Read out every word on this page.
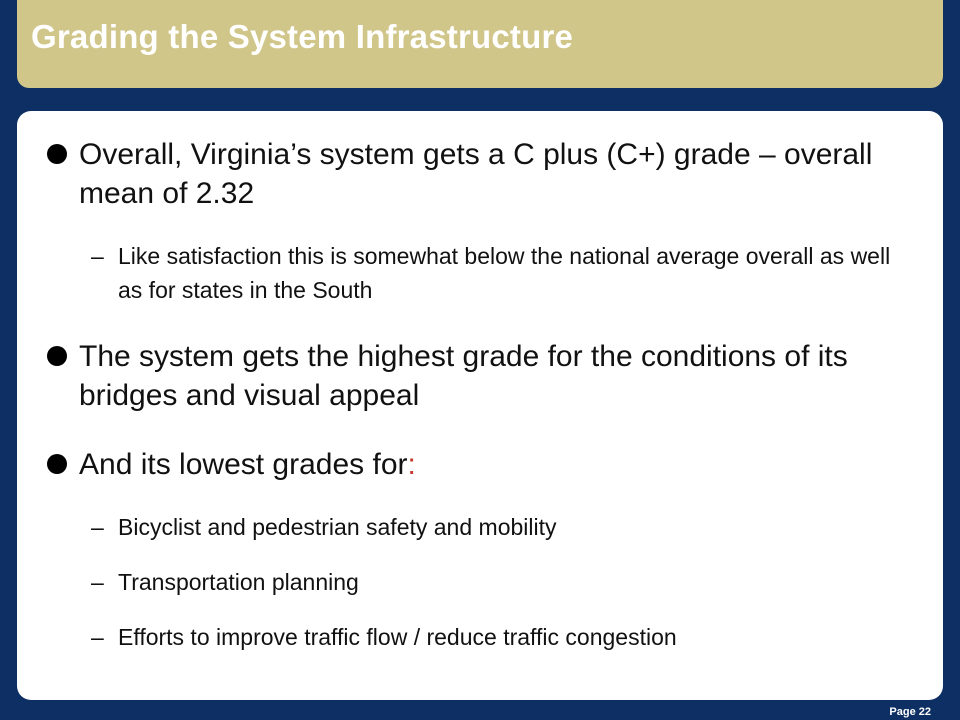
Grading the System Infrastructure
Overall, Virginia’s system gets a C plus (C+) grade – overall mean of 2.32
– Like satisfaction this is somewhat below the national average overall as well as for states in the South
The system gets the highest grade for the conditions of its bridges and visual appeal
And its lowest grades for:
– Bicyclist and pedestrian safety and mobility
– Transportation planning
– Efforts to improve traffic flow / reduce traffic congestion
Page 22
